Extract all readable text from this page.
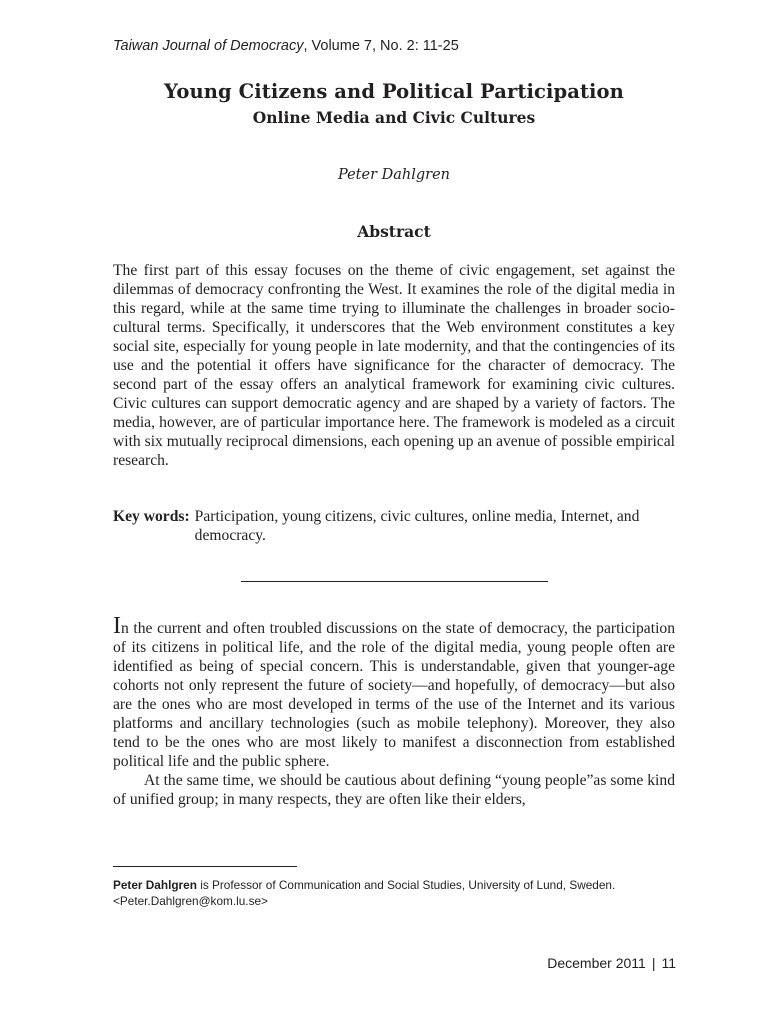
Taiwan Journal of Democracy, Volume 7, No. 2: 11-25
Young Citizens and Political Participation
Online Media and Civic Cultures
Peter Dahlgren
Abstract
The first part of this essay focuses on the theme of civic engagement, set against the dilemmas of democracy confronting the West. It examines the role of the digital media in this regard, while at the same time trying to illuminate the challenges in broader socio-cultural terms. Specifically, it underscores that the Web environment constitutes a key social site, especially for young people in late modernity, and that the contingencies of its use and the potential it offers have significance for the character of democracy. The second part of the essay offers an analytical framework for examining civic cultures. Civic cultures can support democratic agency and are shaped by a variety of factors. The media, however, are of particular importance here. The framework is modeled as a circuit with six mutually reciprocal dimensions, each opening up an avenue of possible empirical research.
Key words: Participation, young citizens, civic cultures, online media, Internet, and democracy.

In the current and often troubled discussions on the state of democracy, the participation of its citizens in political life, and the role of the digital media, young people often are identified as being of special concern. This is understandable, given that younger-age cohorts not only represent the future of society—and hopefully, of democracy—but also are the ones who are most developed in terms of the use of the Internet and its various platforms and ancillary technologies (such as mobile telephony). Moreover, they also tend to be the ones who are most likely to manifest a disconnection from established political life and the public sphere.

At the same time, we should be cautious about defining “young people”as some kind of unified group; in many respects, they are often like their elders,

Peter Dahlgren is Professor of Communication and Social Studies, University of Lund, Sweden.
<Peter.Dahlgren@kom.lu.se>
December 2011 | 11
